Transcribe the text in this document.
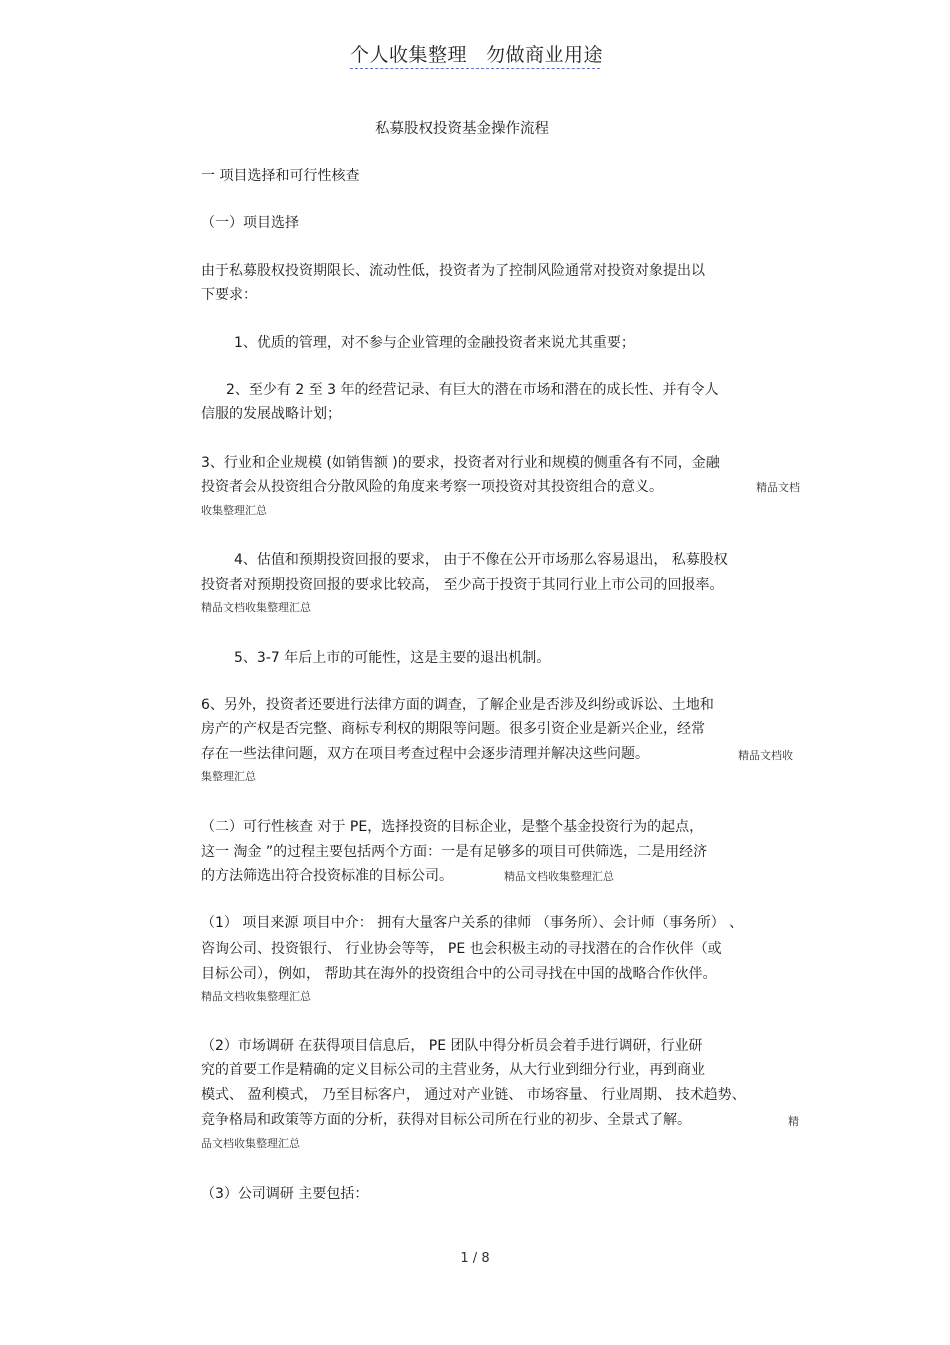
个人收集整理 勿做商业用途
私募股权投资基金操作流程
一 项目选择和可行性核查
（一）项目选择
由于私募股权投资期限长、流动性低，投资者为了控制风险通常对投资对象提出以
下要求：
1、优质的管理，对不参与企业管理的金融投资者来说尤其重要；
2、至少有 2 至 3 年的经营记录、有巨大的潜在市场和潜在的成长性、并有令人
信服的发展战略计划；
3、行业和企业规模 (如销售额 )的要求，投资者对行业和规模的侧重各有不同，金融
投资者会从投资组合分散风险的角度来考察一项投资对其投资组合的意义。	精品文档
收集整理汇总
4、估值和预期投资回报的要求， 由于不像在公开市场那么容易退出， 私募股权
投资者对预期投资回报的要求比较高， 至少高于投资于其同行业上市公司的回报率。
精品文档收集整理汇总
5、3-7 年后上市的可能性，这是主要的退出机制。
6、另外，投资者还要进行法律方面的调查，了解企业是否涉及纠纷或诉讼、土地和
房产的产权是否完整、商标专利权的期限等问题。很多引资企业是新兴企业，经常
存在一些法律问题，双方在项目考查过程中会逐步清理并解决这些问题。	精品文档收
集整理汇总
（二）可行性核查 对于 PE，选择投资的目标企业，是整个基金投资行为的起点，
这一 淘金 ”的过程主要包括两个方面：一是有足够多的项目可供筛选，二是用经济
的方法筛选出符合投资标准的目标公司。	精品文档收集整理汇总
（1） 项目来源 项目中介： 拥有大量客户关系的律师 （事务所）、会计师（事务所） 、
咨询公司、投资银行、 行业协会等等， PE 也会积极主动的寻找潜在的合作伙伴（或
目标公司），例如， 帮助其在海外的投资组合中的公司寻找在中国的战略合作伙伴。
精品文档收集整理汇总
（2）市场调研 在获得项目信息后， PE 团队中得分析员会着手进行调研，行业研
究的首要工作是精确的定义目标公司的主营业务，从大行业到细分行业，再到商业
模式、 盈利模式， 乃至目标客户， 通过对产业链、 市场容量、 行业周期、 技术趋势、
竞争格局和政策等方面的分析，获得对目标公司所在行业的初步、全景式了解。	精
品文档收集整理汇总
（3）公司调研 主要包括：
1 / 8
